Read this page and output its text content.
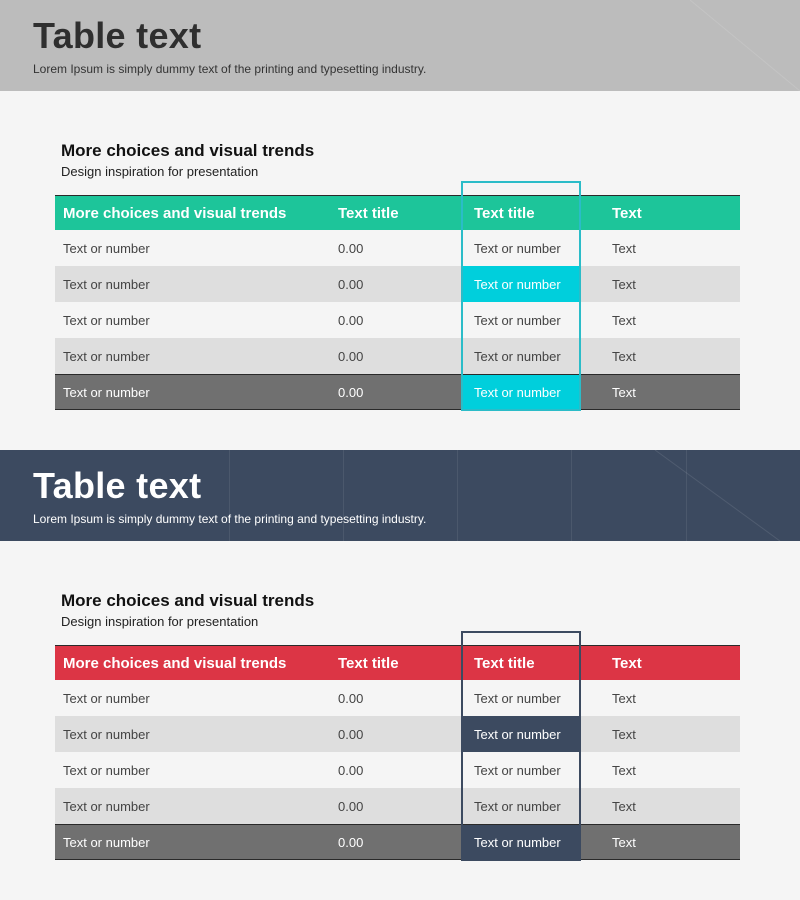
Table text
Lorem Ipsum is simply dummy text of the printing and typesetting industry.
More choices and visual trends
Design inspiration for presentation
More choices and visual trends	Text title	Text title	Text
Text or number	0.00	Text or number	Text
Text or number	0.00	Text or number	Text
Text or number	0.00	Text or number	Text
Text or number	0.00	Text or number	Text
Text or number	0.00	Text or number	Text
Table text
Lorem Ipsum is simply dummy text of the printing and typesetting industry.
More choices and visual trends
Design inspiration for presentation
More choices and visual trends	Text title	Text title	Text
Text or number	0.00	Text or number	Text
Text or number	0.00	Text or number	Text
Text or number	0.00	Text or number	Text
Text or number	0.00	Text or number	Text
Text or number	0.00	Text or number	Text
